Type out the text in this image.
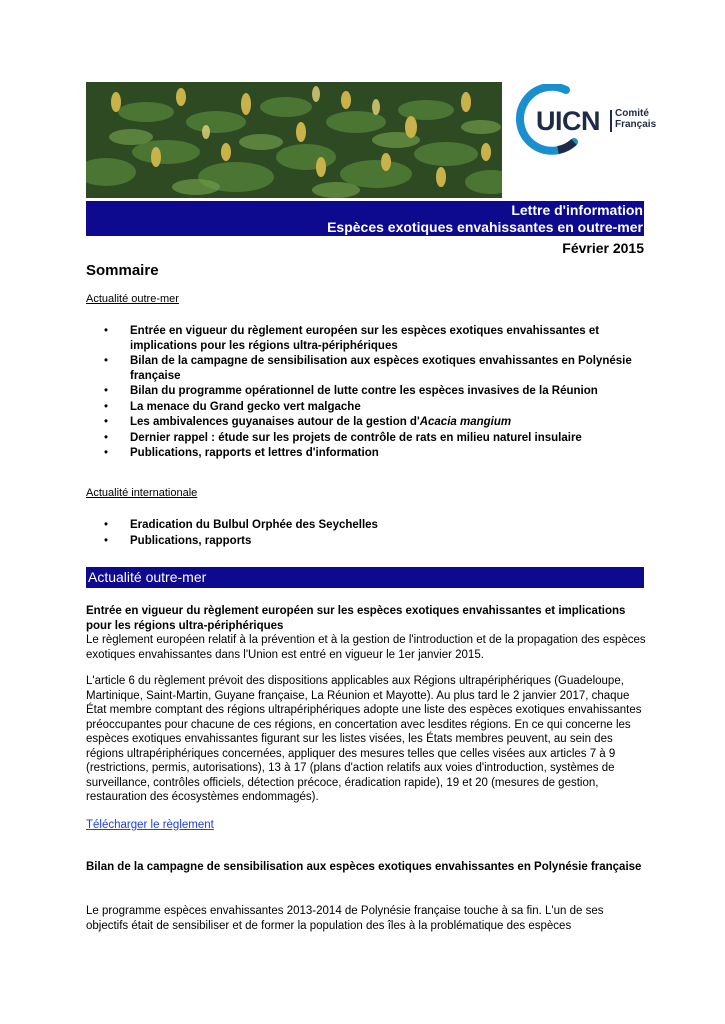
UICN Comité
Français
Lettre d'information
Espèces exotiques envahissantes en outre-mer
Février 2015
Sommaire
Actualité outre-mer
• Entrée en vigueur du règlement européen sur les espèces exotiques envahissantes et implications pour les régions ultra-périphériques
• Bilan de la campagne de sensibilisation aux espèces exotiques envahissantes en Polynésie française
• Bilan du programme opérationnel de lutte contre les espèces invasives de la Réunion
• La menace du Grand gecko vert malgache
• Les ambivalences guyanaises autour de la gestion d'Acacia mangium
• Dernier rappel : étude sur les projets de contrôle de rats en milieu naturel insulaire
• Publications, rapports et lettres d'information
Actualité internationale
• Eradication du Bulbul Orphée des Seychelles
• Publications, rapports
Actualité outre-mer
Entrée en vigueur du règlement européen sur les espèces exotiques envahissantes et implications pour les régions ultra-périphériques
Le règlement européen relatif à la prévention et à la gestion de l'introduction et de la propagation des espèces exotiques envahissantes dans l'Union est entré en vigueur le 1er janvier 2015.
L'article 6 du règlement prévoit des dispositions applicables aux Régions ultrapériphériques (Guadeloupe, Martinique, Saint-Martin, Guyane française, La Réunion et Mayotte). Au plus tard le 2 janvier 2017, chaque État membre comptant des régions ultrapériphériques adopte une liste des espèces exotiques envahissantes préoccupantes pour chacune de ces régions, en concertation avec lesdites régions. En ce qui concerne les espèces exotiques envahissantes figurant sur les listes visées, les États membres peuvent, au sein des régions ultrapériphériques concernées, appliquer des mesures telles que celles visées aux articles 7 à 9 (restrictions, permis, autorisations), 13 à 17 (plans d'action relatifs aux voies d'introduction, systèmes de surveillance, contrôles officiels, détection précoce, éradication rapide), 19 et 20 (mesures de gestion, restauration des écosystèmes endommagés).
Télécharger le règlement
Bilan de la campagne de sensibilisation aux espèces exotiques envahissantes en Polynésie française
Le programme espèces envahissantes 2013-2014 de Polynésie française touche à sa fin. L'un de ses objectifs était de sensibiliser et de former la population des îles à la problématique des espèces
